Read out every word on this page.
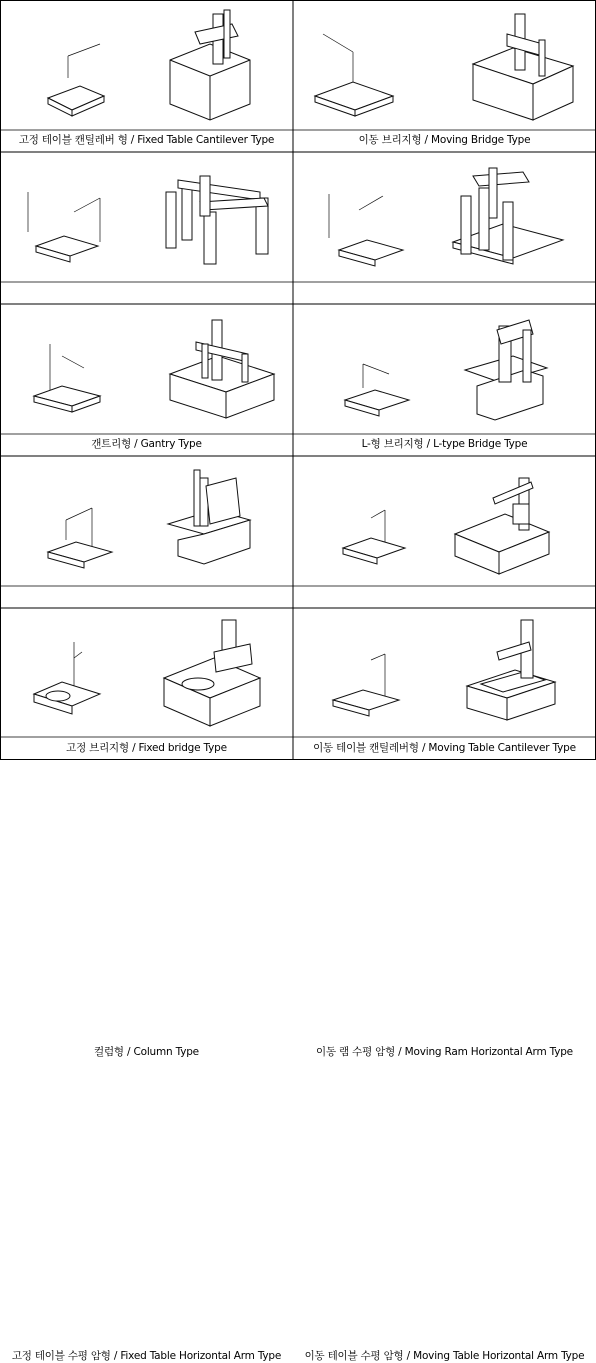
고정 테이블 캔틸레버 형 / Fixed Table Cantilever Type	이동 브리지형 / Moving Bridge Type
갠트리형 / Gantry Type	L-형 브리지형 / L-type Bridge Type
고정 브리지형 / Fixed bridge Type	이동 테이블 캔틸레버형 / Moving Table Cantilever Type
컬럼형 / Column Type	이동 램 수평 암형 / Moving Ram Horizontal Arm Type
고정 테이블 수평 암형 / Fixed Table Horizontal Arm Type	이동 테이블 수평 암형 / Moving Table Horizontal Arm Type
